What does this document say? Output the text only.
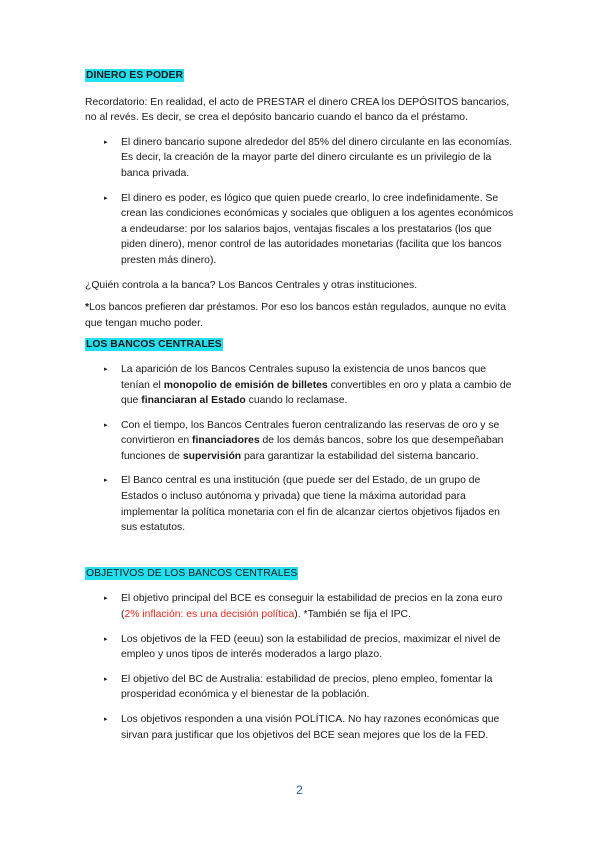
DINERO ES PODER

Recordatorio: En realidad, el acto de PRESTAR el dinero CREA los DEPÓSITOS bancarios,
no al revés. Es decir, se crea el depósito bancario cuando el banco da el préstamo.

▸ El dinero bancario supone alrededor del 85% del dinero circulante en las economías. Es decir, la creación de la mayor parte del dinero circulante es un privilegio de la banca privada.
▸ El dinero es poder, es lógico que quien puede crearlo, lo cree indefinidamente. Se crean las condiciones económicas y sociales que obliguen a los agentes económicos a endeudarse: por los salarios bajos, ventajas fiscales a los prestatarios (los que piden dinero), menor control de las autoridades monetarias (facilita que los bancos presten más dinero).

¿Quién controla a la banca? Los Bancos Centrales y otras instituciones.

*Los bancos prefieren dar préstamos. Por eso los bancos están regulados, aunque no evita que tengan mucho poder.

LOS BANCOS CENTRALES
▸ La aparición de los Bancos Centrales supuso la existencia de unos bancos que tenían el monopolio de emisión de billetes convertibles en oro y plata a cambio de que financiaran al Estado cuando lo reclamase.
▸ Con el tiempo, los Bancos Centrales fueron centralizando las reservas de oro y se convirtieron en financiadores de los demás bancos, sobre los que desempeñaban funciones de supervisión para garantizar la estabilidad del sistema bancario.
▸ El Banco central es una institución (que puede ser del Estado, de un grupo de Estados o incluso autónoma y privada) que tiene la máxima autoridad para implementar la política monetaria con el fin de alcanzar ciertos objetivos fijados en sus estatutos.
OBJETIVOS DE LOS BANCOS CENTRALES
▸ El objetivo principal del BCE es conseguir la estabilidad de precios en la zona euro (2% inflación: es una decisión política). *También se fija el IPC.
▸ Los objetivos de la FED (eeuu) son la estabilidad de precios, maximizar el nivel de empleo y unos tipos de interés moderados a largo plazo.
▸ El objetivo del BC de Australia: estabilidad de precios, pleno empleo, fomentar la prosperidad económica y el bienestar de la población.
▸ Los objetivos responden a una visión POLÍTICA. No hay razones económicas que sirvan para justificar que los objetivos del BCE sean mejores que los de la FED.
2
